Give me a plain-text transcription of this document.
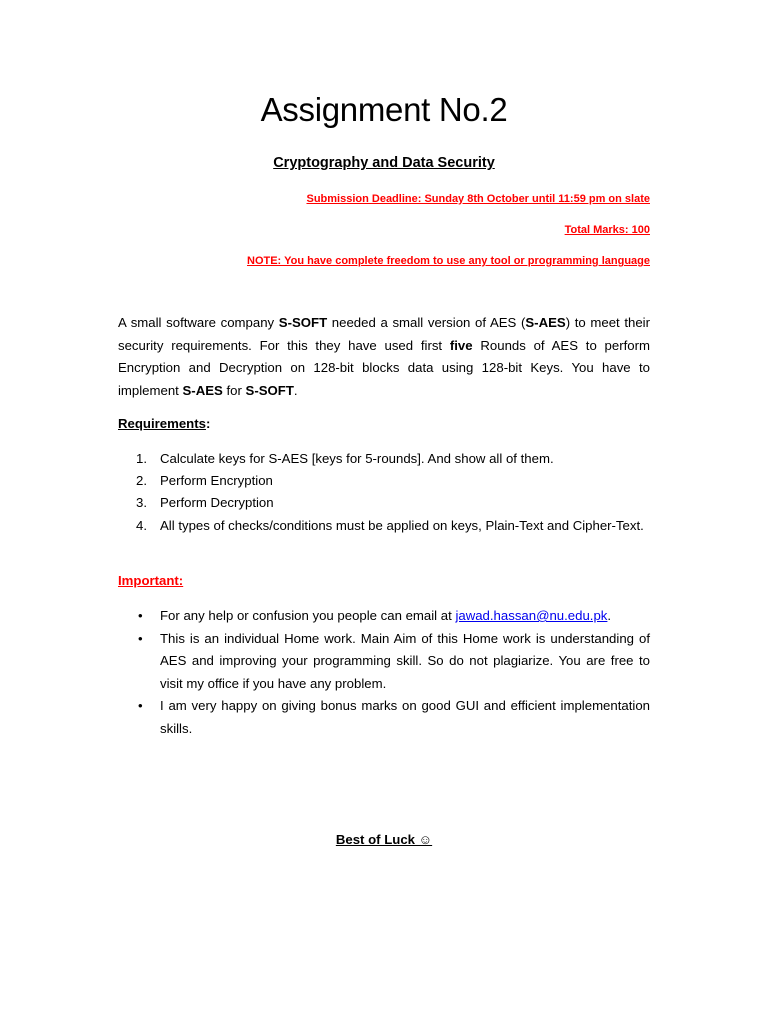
Assignment No.2
Cryptography and Data Security
Submission Deadline: Sunday 8th October until 11:59 pm on slate
Total Marks: 100
NOTE: You have complete freedom to use any tool or programming language
A small software company S-SOFT needed a small version of AES (S-AES) to meet their security requirements. For this they have used first five Rounds of AES to perform Encryption and Decryption on 128-bit blocks data using 128-bit Keys. You have to implement S-AES for S-SOFT.
Requirements:
1. Calculate keys for S-AES [keys for 5-rounds]. And show all of them.
2. Perform Encryption
3. Perform Decryption
4. All types of checks/conditions must be applied on keys, Plain-Text and Cipher-Text.
Important:
• For any help or confusion you people can email at jawad.hassan@nu.edu.pk.
• This is an individual Home work. Main Aim of this Home work is understanding of AES and improving your programming skill. So do not plagiarize. You are free to visit my office if you have any problem.
• I am very happy on giving bonus marks on good GUI and efficient implementation skills.
Best of Luck ☺
